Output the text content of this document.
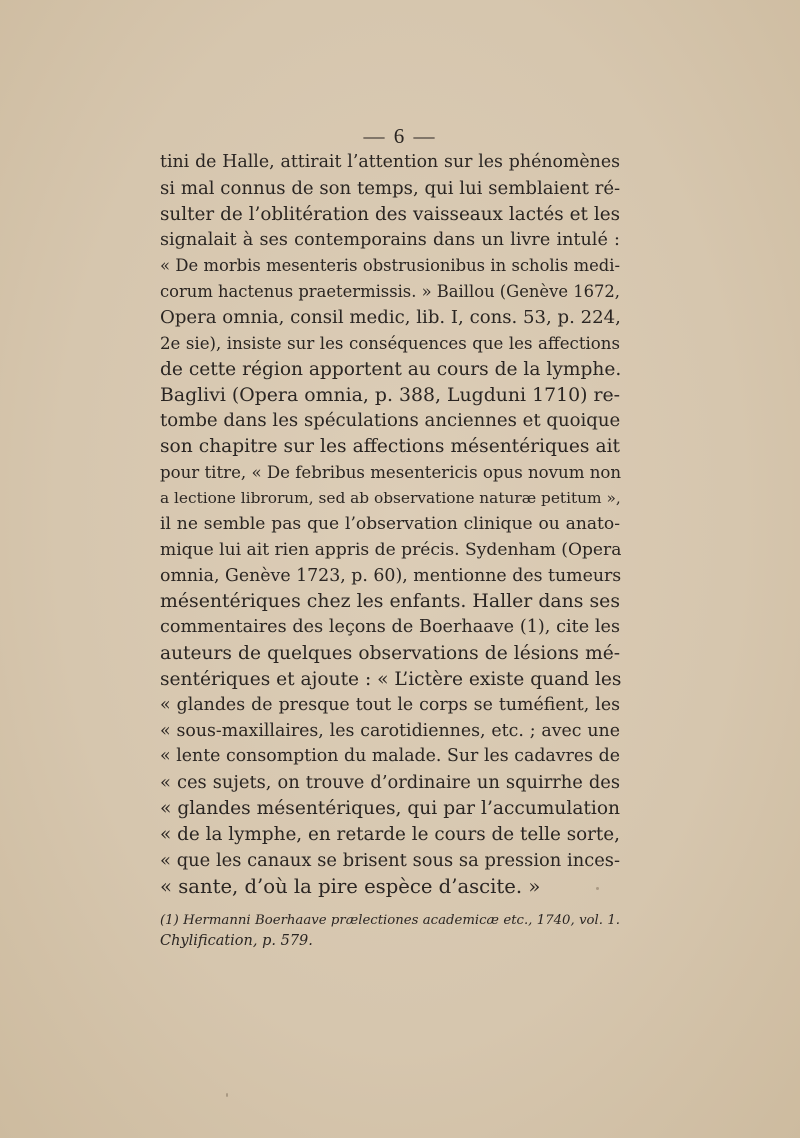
— 6 —
tini de Halle, attirait l’attention sur les phénomènes
si mal connus de son temps, qui lui semblaient ré-
sulter de l’oblitération des vaisseaux lactés et les
signalait à ses contemporains dans un livre intulé :
« De morbis mesenteris obstrusionibus in scholis medi-
corum hactenus praetermissis. » Baillou (Genève 1672,
Opera omnia, consil medic, lib. I, cons. 53, p. 224,
2e sie), insiste sur les conséquences que les affections
de cette région apportent au cours de la lymphe.
Baglivi (Opera omnia, p. 388, Lugduni 1710) re-
tombe dans les spéculations anciennes et quoique
son chapitre sur les affections mésentériques ait
pour titre, « De febribus mesentericis opus novum non
a lectione librorum, sed ab observatione naturæ petitum »,
il ne semble pas que l’observation clinique ou anato-
mique lui ait rien appris de précis. Sydenham (Opera
omnia, Genève 1723, p. 60), mentionne des tumeurs
mésentériques chez les enfants. Haller dans ses
commentaires des leçons de Boerhaave (1), cite les
auteurs de quelques observations de lésions mé-
sentériques et ajoute : « L’ictère existe quand les
« glandes de presque tout le corps se tuméfient, les
« sous-maxillaires, les carotidiennes, etc. ; avec une
« lente consomption du malade. Sur les cadavres de
« ces sujets, on trouve d’ordinaire un squirrhe des
« glandes mésentériques, qui par l’accumulation
« de la lymphe, en retarde le cours de telle sorte,
« que les canaux se brisent sous sa pression inces-
« sante, d’où la pire espèce d’ascite. »
(1) Hermanni Boerhaave prælectiones academicæ etc., 1740, vol. 1.
Chylification, p. 579.
